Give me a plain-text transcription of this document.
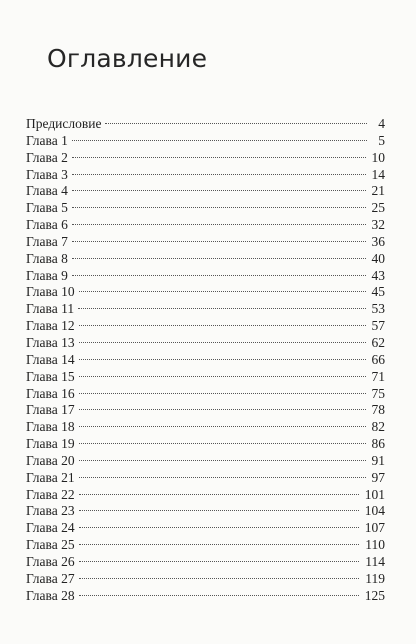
Оглавление
Предисловие	4
Глава 1	5
Глава 2	10
Глава 3	14
Глава 4	21
Глава 5	25
Глава 6	32
Глава 7	36
Глава 8	40
Глава 9	43
Глава 10	45
Глава 11	53
Глава 12	57
Глава 13	62
Глава 14	66
Глава 15	71
Глава 16	75
Глава 17	78
Глава 18	82
Глава 19	86
Глава 20	91
Глава 21	97
Глава 22	101
Глава 23	104
Глава 24	107
Глава 25	110
Глава 26	114
Глава 27	119
Глава 28	125
